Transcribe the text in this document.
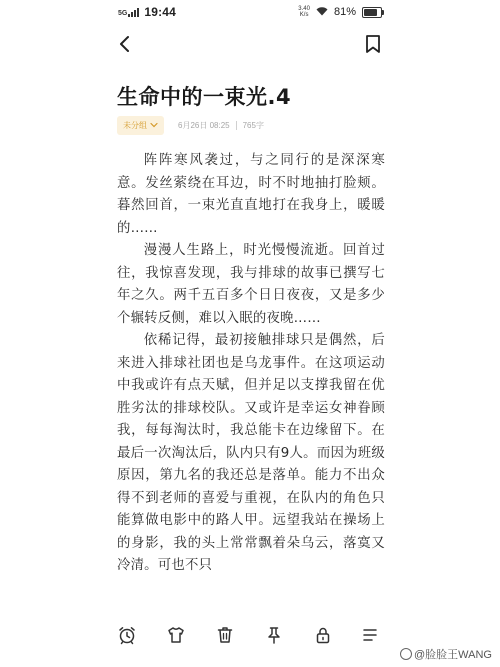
5G 19:44	3.40
K/s 81%
生命中的一束光.4
未分组	6月26日 08:25 765字

阵阵寒风袭过，与之同行的是深深寒意。发丝萦绕在耳边，时不时地抽打脸颊。暮然回首，一束光直直地打在我身上，暖暖的……

漫漫人生路上，时光慢慢流逝。回首过往，我惊喜发现，我与排球的故事已撰写七年之久。两千五百多个日日夜夜，又是多少个辗转反侧，难以入眠的夜晚……

依稀记得，最初接触排球只是偶然，后来进入排球社团也是乌龙事件。在这项运动中我或许有点天赋，但并足以支撑我留在优胜劣汰的排球校队。又或许是幸运女神眷顾我，每每淘汰时，我总能卡在边缘留下。在最后一次淘汰后，队内只有9人。而因为班级原因，第九名的我还总是落单。能力不出众得不到老师的喜爱与重视，在队内的角色只能算做电影中的路人甲。远望我站在操场上的身影，我的头上常常飘着朵乌云，落寞又冷清。可也不只

@脸脸王WANG
